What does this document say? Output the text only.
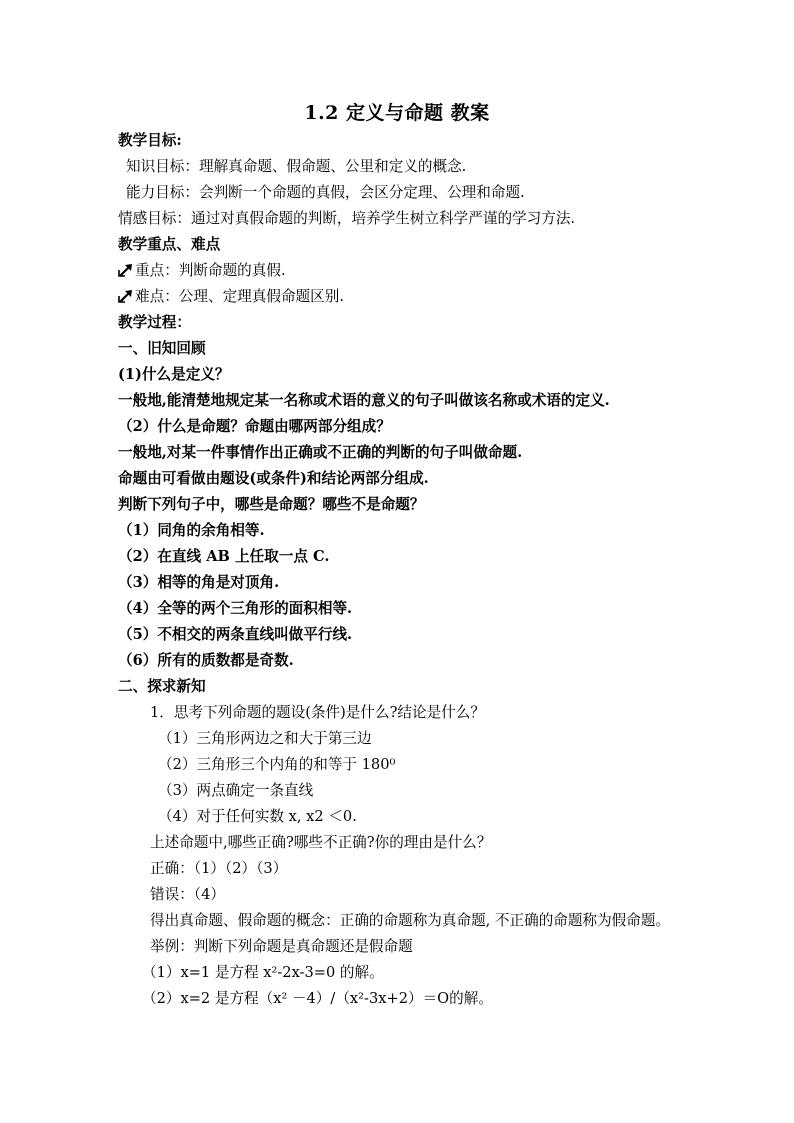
1.2 定义与命题 教案
教学目标:
知识目标：理解真命题、假命题、公里和定义的概念.
能力目标：会判断一个命题的真假，会区分定理、公理和命题.
情感目标：通过对真假命题的判断，培养学生树立科学严谨的学习方法.
教学重点、难点
重点：判断命题的真假.
难点：公理、定理真假命题区别.
教学过程：
一、旧知回顾
(1)什么是定义？
一般地,能清楚地规定某一名称或术语的意义的句子叫做该名称或术语的定义.
（2）什么是命题？命题由哪两部分组成？
一般地,对某一件事情作出正确或不正确的判断的句子叫做命题.
命题由可看做由题设(或条件)和结论两部分组成.
判断下列句子中，哪些是命题？哪些不是命题？
（1）同角的余角相等.
（2）在直线 AB 上任取一点 C.
（3）相等的角是对顶角.
（4）全等的两个三角形的面积相等.
（5）不相交的两条直线叫做平行线.
（6）所有的质数都是奇数.
二、探求新知
1．思考下列命题的题设(条件)是什么?结论是什么？
（1）三角形两边之和大于第三边
（2）三角形三个内角的和等于 180⁰
（3）两点确定一条直线
（4）对于任何实数 x, x2 ＜0.
上述命题中,哪些正确?哪些不正确?你的理由是什么？
正确：（1）（2）（3）
错误：（4）
得出真命题、假命题的概念：正确的命题称为真命题, 不正确的命题称为假命题。
举例：判断下列命题是真命题还是假命题
（1）x=1 是方程 x²-2x-3=0 的解。
（2）x=2 是方程（x² －4）/（x²-3x+2）＝O的解。
